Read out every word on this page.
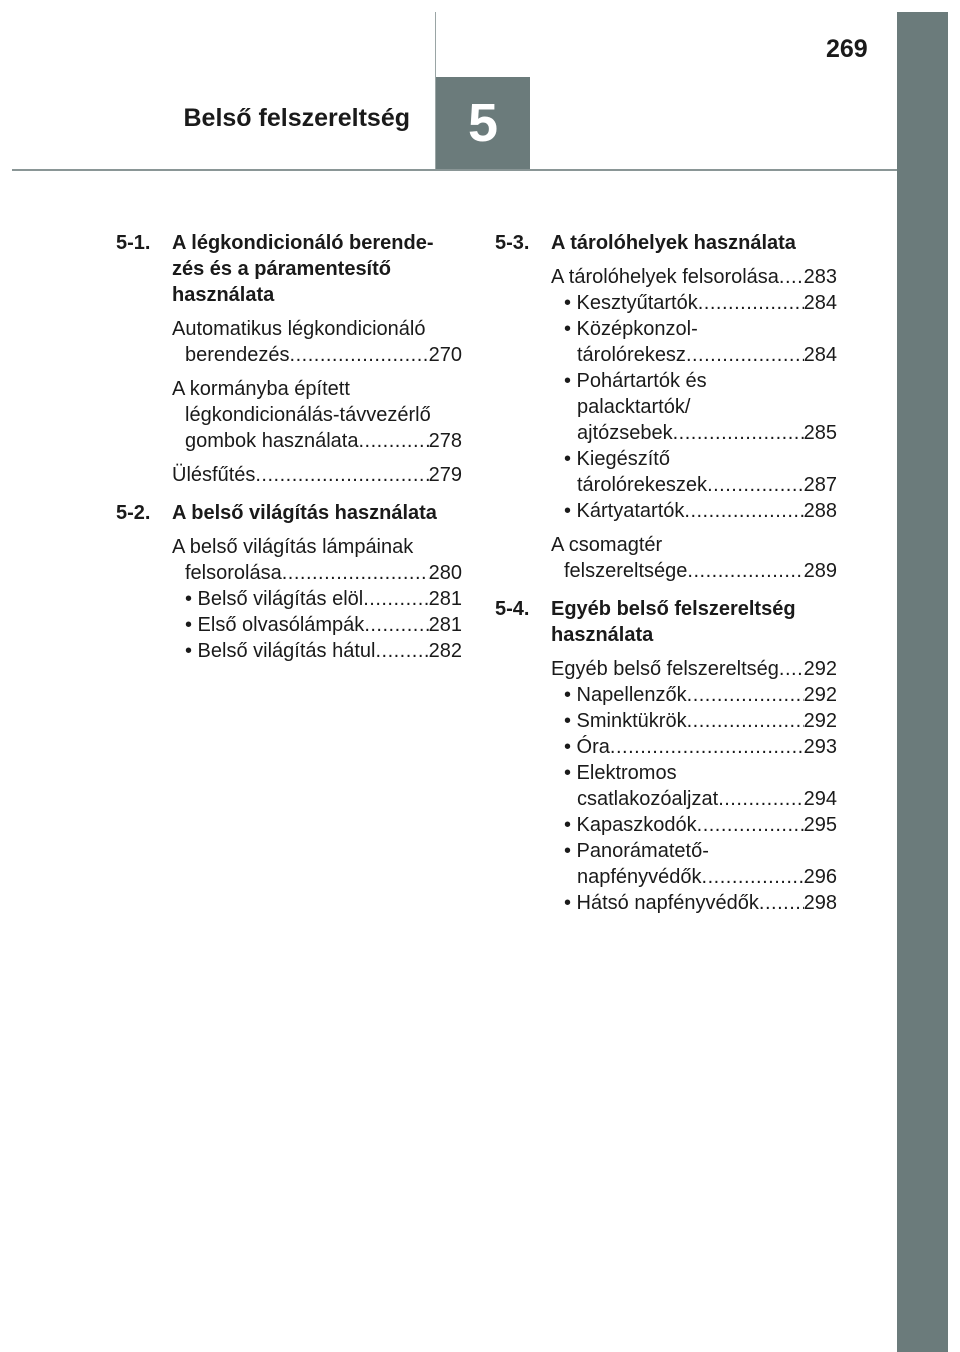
5
Belső felszereltség
269
5-1.	A légkondicionáló berende-
zés és a páramentesítő
használata
Automatikus légkondicionáló
berendezés .....	270
A kormányba épített
légkondicionálás-távvezérlő
gombok használata .....	278
Ülésfűtés .....	279
5-2.	A belső világítás használata
A belső világítás lámpáinak
felsorolása .....	280
• Belső világítás elöl .....	281
• Első olvasólámpák .....	281
• Belső világítás hátul .....	282
5-3.	A tárolóhelyek használata
A tárolóhelyek felsorolása ..... 283
• Kesztyűtartók .....	284
• Középkonzol-
tárolórekesz .....	284
• Pohártartók és
palacktartók/
ajtózsebek .....	285
• Kiegészítő
tárolórekeszek .....	287
• Kártyatartók .....	288
A csomagtér
felszereltsége .....	289
5-4.	Egyéb belső felszereltség
használata
Egyéb belső felszereltség ..... 292
• Napellenzők .....	292
• Sminktükrök .....	292
• Óra .....	293
• Elektromos
csatlakozóaljzat .....	294
• Kapaszkodók .....	295
• Panorámatető-
napfényvédők .....	296
• Hátsó napfényvédők ..... 298
